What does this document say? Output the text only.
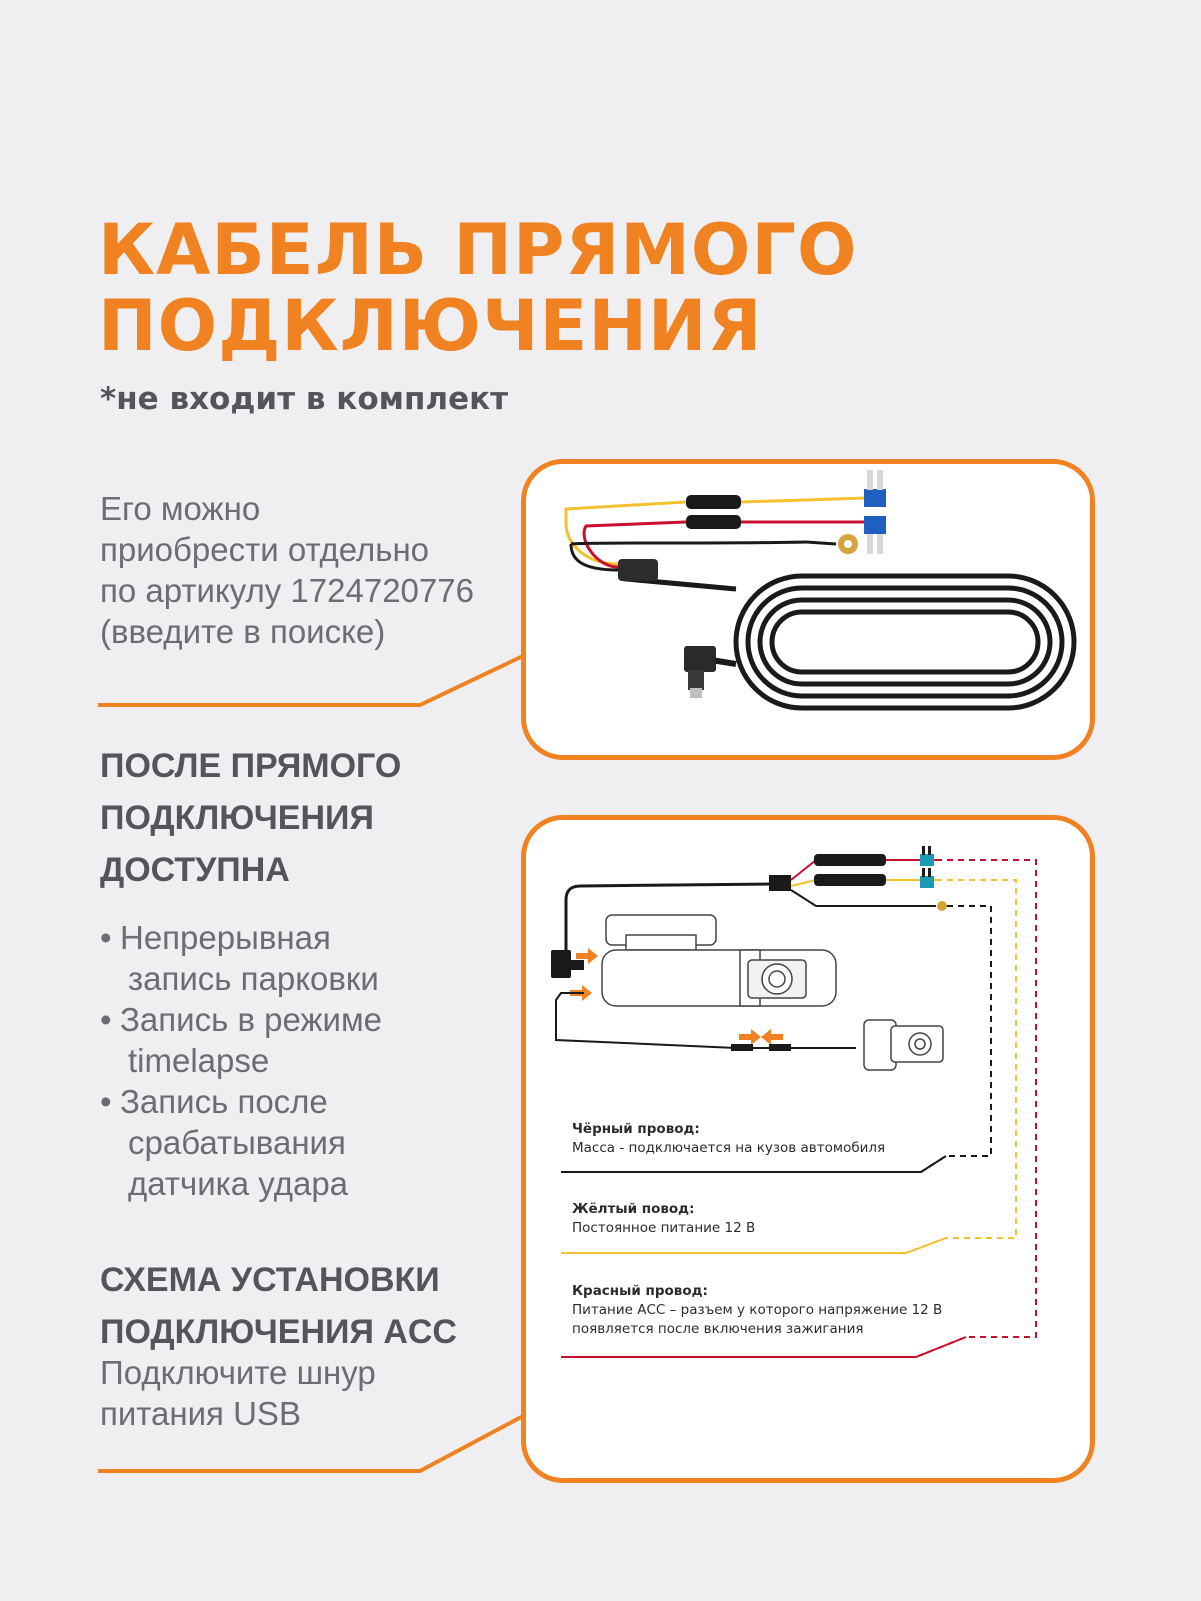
КАБЕЛЬ ПРЯМОГО
ПОДКЛЮЧЕНИЯ

*не входит в комплект

Его можно
приобрести отдельно
по артикулу 1724720776
(введите в поиске)
ПОСЛЕ ПРЯМОГО
ПОДКЛЮЧЕНИЯ
ДОСТУПНА
• Непрерывная
запись парковки
• Запись в режиме
timelapse
• Запись после
срабатывания
датчика удара
СХЕМА УСТАНОВКИ
ПОДКЛЮЧЕНИЯ ACC
Подключите шнур
питания USB
Чёрный провод:
Масса - подключается на кузов автомобиля
Жёлтый повод:
Постоянное питание 12 В
Красный провод:
Питание АСС – разъем у которого напряжение 12 В
появляется после включения зажигания
